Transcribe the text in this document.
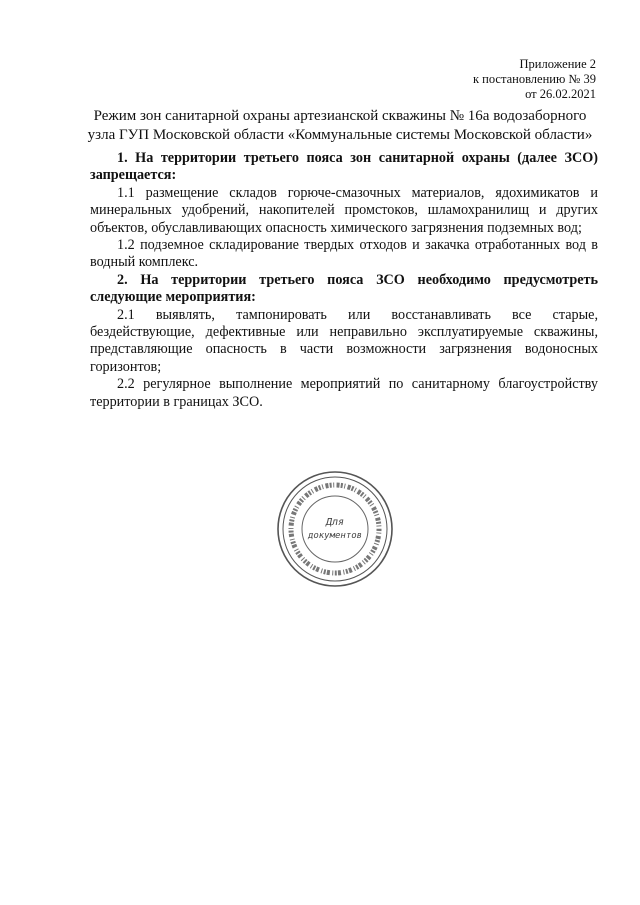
Приложение 2
к постановлению № 39
от 26.02.2021
Режим зон санитарной охраны артезианской скважины № 16а водозаборного
узла ГУП Московской области «Коммунальные системы Московской области»

1. На территории третьего пояса зон санитарной охраны (далее ЗСО) запрещается:

1.1 размещение складов горюче-смазочных материалов, ядохимикатов и минеральных удобрений, накопителей промстоков, шламохранилищ и других объектов, обуславливающих опасность химического загрязнения подземных вод;

1.2 подземное складирование твердых отходов и закачка отработанных вод в водный комплекс.

2. На территории третьего пояса ЗСО необходимо предусмотреть следующие мероприятия:

2.1 выявлять, тампонировать или восстанавливать все старые, бездействующие, дефективные или неправильно эксплуатируемые скважины, представляющие опасность в части возможности загрязнения водоносных горизонтов;

2.2 регулярное выполнение мероприятий по санитарному благоустройству территории в границах ЗСО.

Для
документов
